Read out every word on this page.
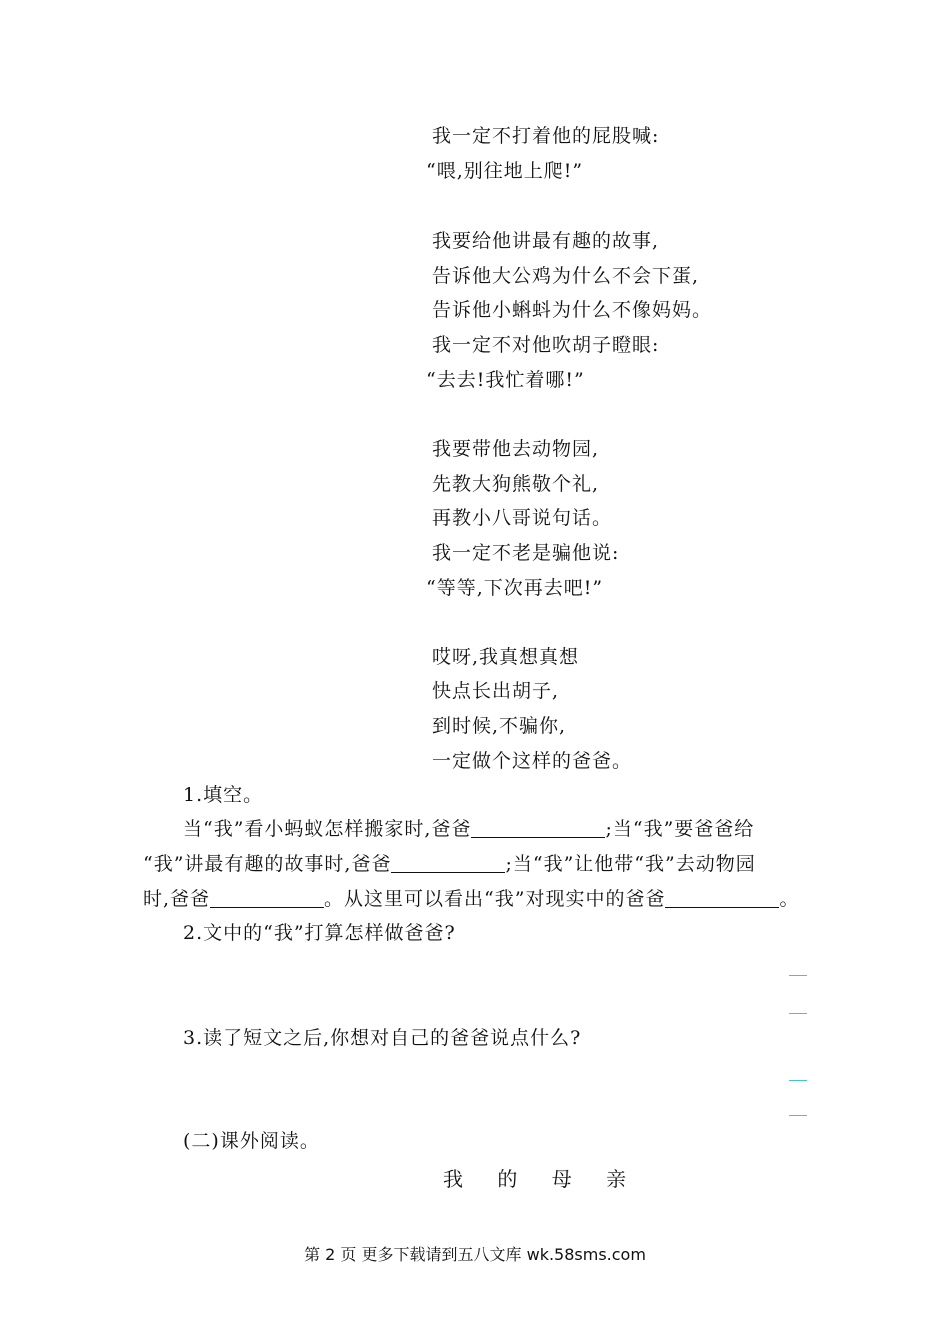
我一定不打着他的屁股喊:
“喂,别往地上爬!”
我要给他讲最有趣的故事,
告诉他大公鸡为什么不会下蛋,
告诉他小蝌蚪为什么不像妈妈。
我一定不对他吹胡子瞪眼:
“去去!我忙着哪!”
我要带他去动物园,
先教大狗熊敬个礼,
再教小八哥说句话。
我一定不老是骗他说:
“等等,下次再去吧!”
哎呀,我真想真想
快点长出胡子,
到时候,不骗你,
一定做个这样的爸爸。
1.填空。
当“我”看小蚂蚁怎样搬家时,爸爸	;当“我”要爸爸给
“我”讲最有趣的故事时,爸爸	;当“我”让他带“我”去动物园
时,爸爸	。从这里可以看出“我”对现实中的爸爸	。
2.文中的“我”打算怎样做爸爸?
3.读了短文之后,你想对自己的爸爸说点什么?
(二)课外阅读。
我 的 母 亲
第 2 页 更多下载请到五八文库 wk.58sms.com
